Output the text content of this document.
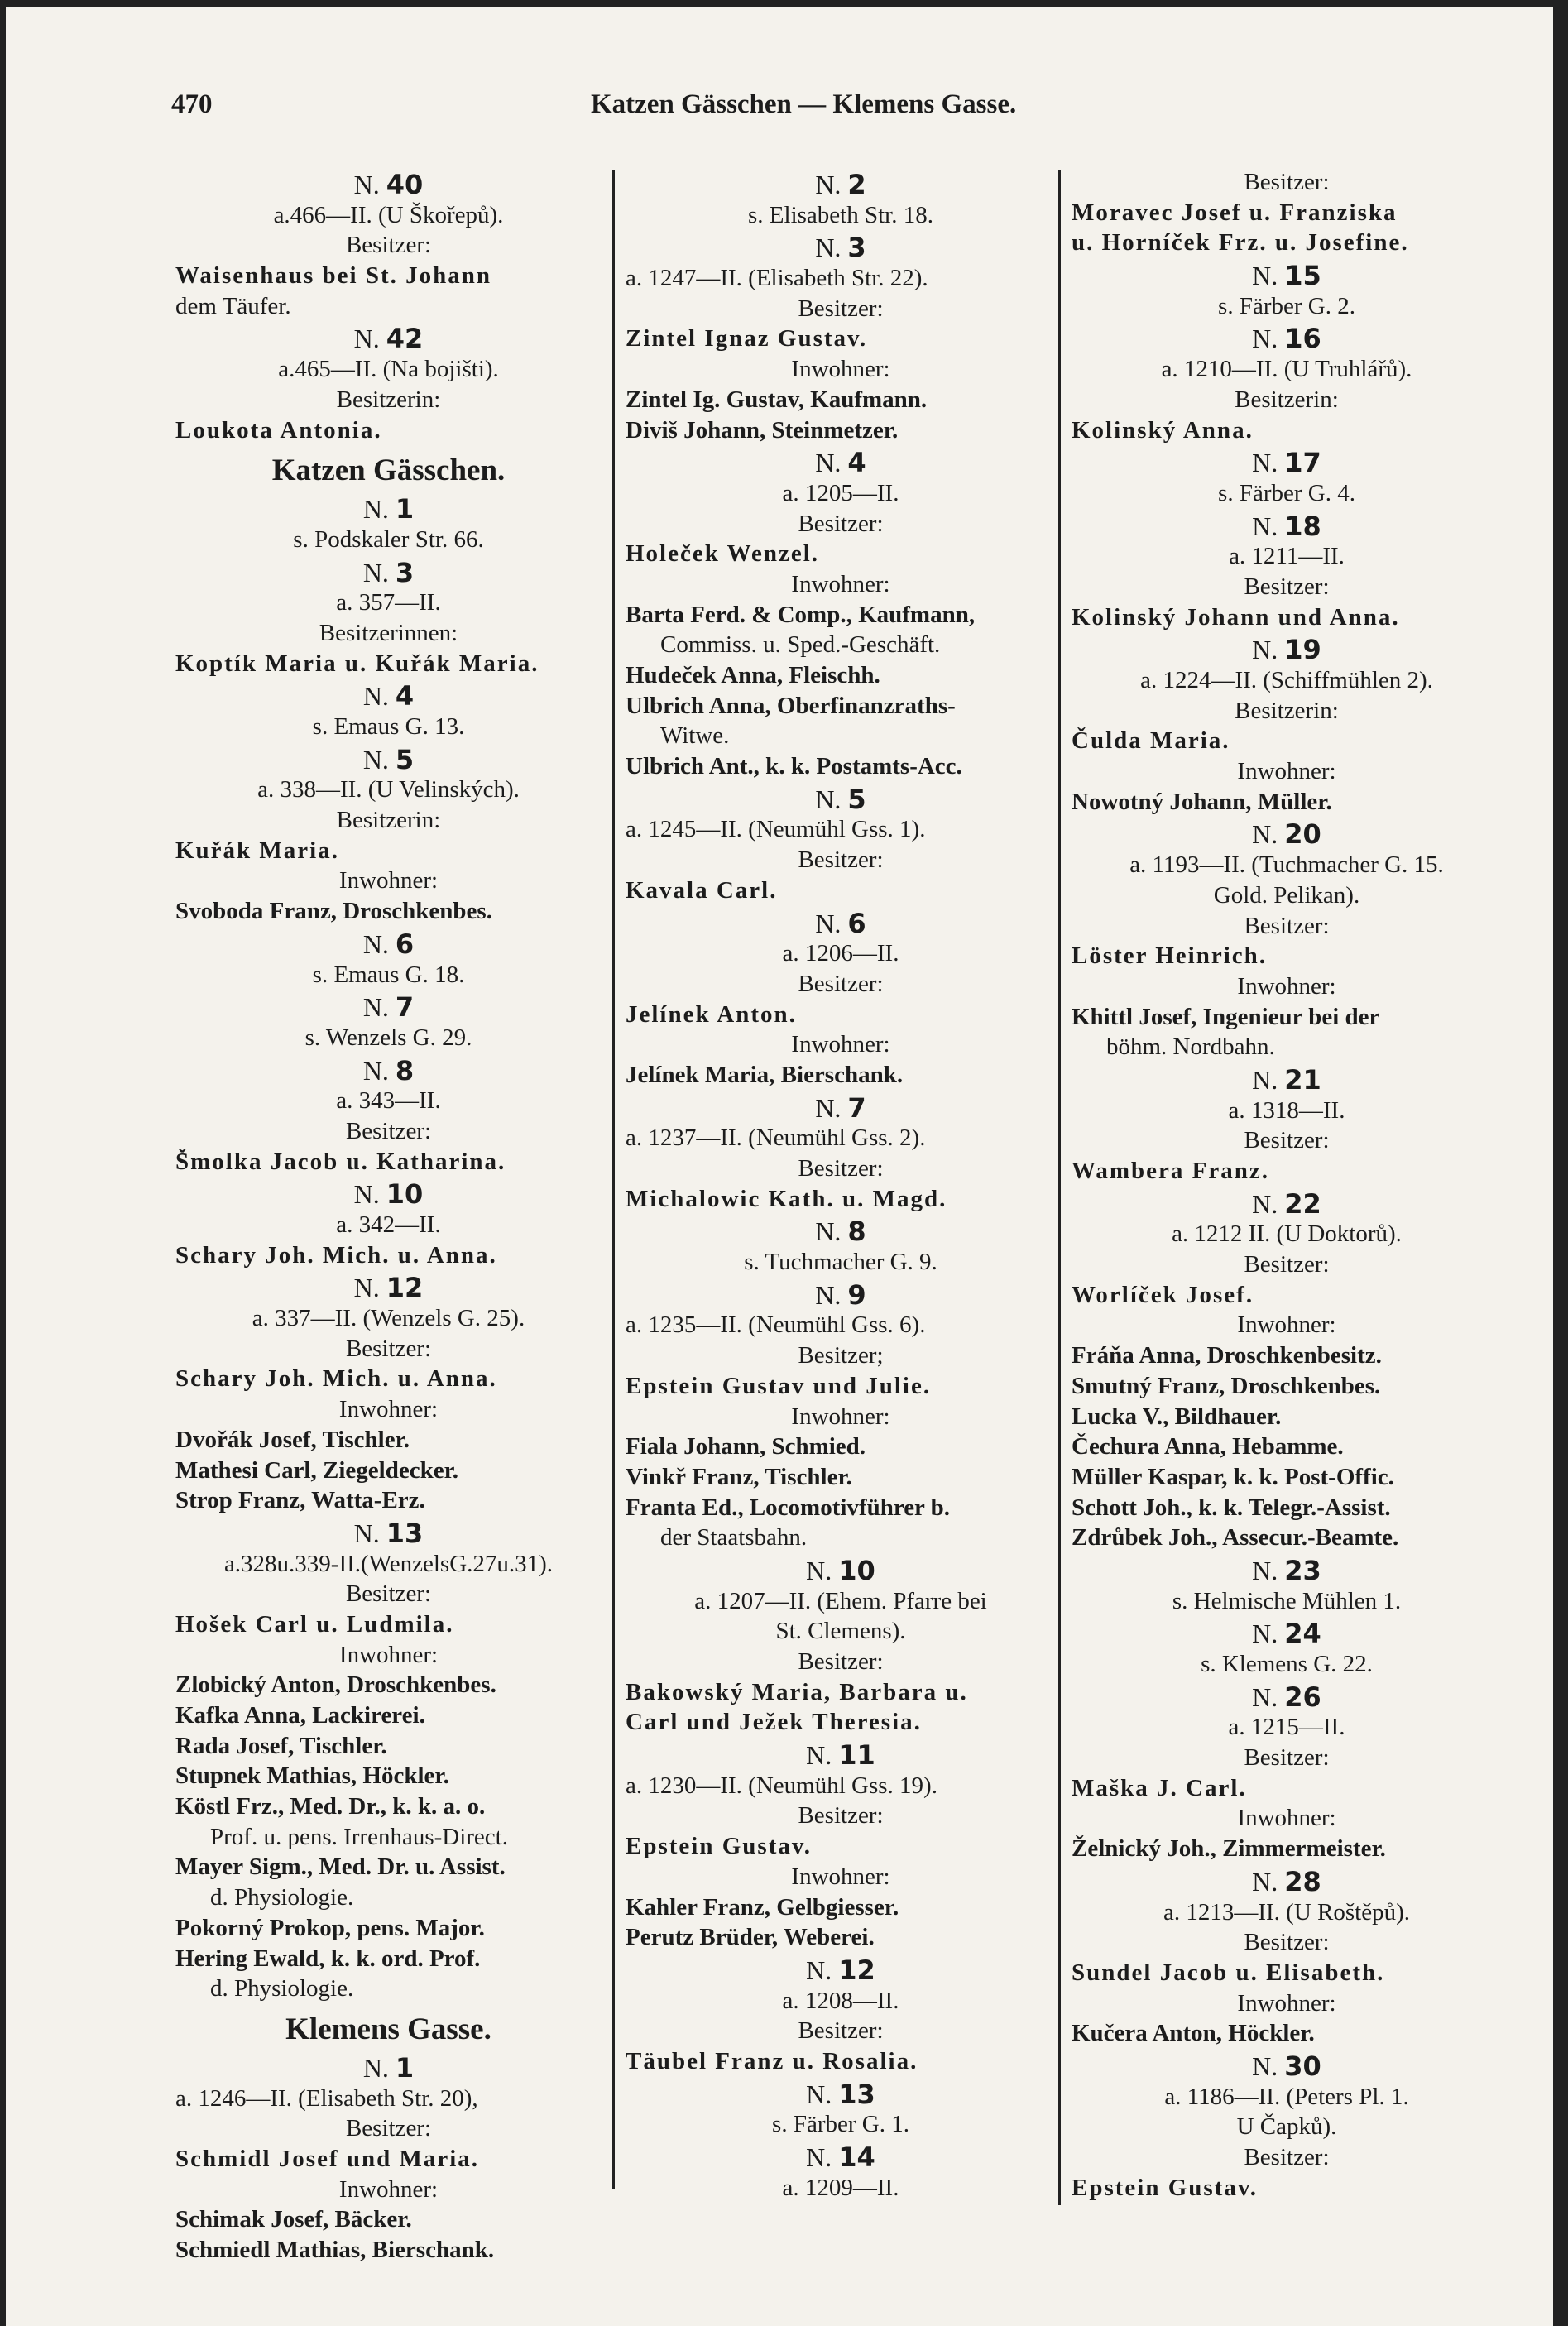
470	Katzen Gässchen — Klemens Gasse.
N. 40
a.466—II. (U Škořepů).
Besitzer:
Waisenhaus bei St. Johann
dem Täufer.
N. 42
a.465—II. (Na bojišti).
Besitzerin:
Loukota Antonia.
Katzen Gässchen.
N. 1
s. Podskaler Str. 66.
N. 3
a. 357—II.
Besitzerinnen:
Koptík Maria u. Kuřák Maria.
N. 4
s. Emaus G. 13.
N. 5
a. 338—II. (U Velinských).
Besitzerin:
Kuřák Maria.
Inwohner:
Svoboda Franz, Droschkenbes.
N. 6
s. Emaus G. 18.
N. 7
s. Wenzels G. 29.
N. 8
a. 343—II.
Besitzer:
Šmolka Jacob u. Katharina.
N. 10
a. 342—II.
Schary Joh. Mich. u. Anna.
N. 12
a. 337—II. (Wenzels G. 25).
Besitzer:
Schary Joh. Mich. u. Anna.
Inwohner:
Dvořák Josef, Tischler.
Mathesi Carl, Ziegeldecker.
Strop Franz, Watta-Erz.
N. 13
a.328u.339-II.(WenzelsG.27u.31).
Besitzer:
Hošek Carl u. Ludmila.
Inwohner:
Zlobický Anton, Droschkenbes.
Kafka Anna, Lackirerei.
Rada Josef, Tischler.
Stupnek Mathias, Höckler.
Köstl Frz., Med. Dr., k. k. a. o.
Prof. u. pens. Irrenhaus-Direct.
Mayer Sigm., Med. Dr. u. Assist.
d. Physiologie.
Pokorný Prokop, pens. Major.
Hering Ewald, k. k. ord. Prof.
d. Physiologie.
Klemens Gasse.
N. 1
a. 1246—II. (Elisabeth Str. 20),
Besitzer:
Schmidl Josef und Maria.
Inwohner:
Schimak Josef, Bäcker.
Schmiedl Mathias, Bierschank.
N. 2
s. Elisabeth Str. 18.
N. 3
a. 1247—II. (Elisabeth Str. 22).
Besitzer:
Zintel Ignaz Gustav.
Inwohner:
Zintel Ig. Gustav, Kaufmann.
Diviš Johann, Steinmetzer.
N. 4
a. 1205—II.
Besitzer:
Holeček Wenzel.
Inwohner:
Barta Ferd. & Comp., Kaufmann,
Commiss. u. Sped.-Geschäft.
Hudeček Anna, Fleischh.
Ulbrich Anna, Oberfinanzraths-
Witwe.
Ulbrich Ant., k. k. Postamts-Acc.
N. 5
a. 1245—II. (Neumühl Gss. 1).
Besitzer:
Kavala Carl.
N. 6
a. 1206—II.
Besitzer:
Jelínek Anton.
Inwohner:
Jelínek Maria, Bierschank.
N. 7
a. 1237—II. (Neumühl Gss. 2).
Besitzer:
Michalowic Kath. u. Magd.
N. 8
s. Tuchmacher G. 9.
N. 9
a. 1235—II. (Neumühl Gss. 6).
Besitzer;
Epstein Gustav und Julie.
Inwohner:
Fiala Johann, Schmied.
Vinkř Franz, Tischler.
Franta Ed., Locomotivführer b.
der Staatsbahn.
N. 10
a. 1207—II. (Ehem. Pfarre bei
St. Clemens).
Besitzer:
Bakowský Maria, Barbara u.
Carl und Ježek Theresia.
N. 11
a. 1230—II. (Neumühl Gss. 19).
Besitzer:
Epstein Gustav.
Inwohner:
Kahler Franz, Gelbgiesser.
Perutz Brüder, Weberei.
N. 12
a. 1208—II.
Besitzer:
Täubel Franz u. Rosalia.
N. 13
s. Färber G. 1.
N. 14
a. 1209—II.
Besitzer:
Moravec Josef u. Franziska
u. Horníček Frz. u. Josefine.
N. 15
s. Färber G. 2.
N. 16
a. 1210—II. (U Truhlářů).
Besitzerin:
Kolinský Anna.
N. 17
s. Färber G. 4.
N. 18
a. 1211—II.
Besitzer:
Kolinský Johann und Anna.
N. 19
a. 1224—II. (Schiffmühlen 2).
Besitzerin:
Čulda Maria.
Inwohner:
Nowotný Johann, Müller.
N. 20
a. 1193—II. (Tuchmacher G. 15.
Gold. Pelikan).
Besitzer:
Löster Heinrich.
Inwohner:
Khittl Josef, Ingenieur bei der
böhm. Nordbahn.
N. 21
a. 1318—II.
Besitzer:
Wambera Franz.
N. 22
a. 1212 II. (U Doktorů).
Besitzer:
Worlíček Josef.
Inwohner:
Fráňa Anna, Droschkenbesitz.
Smutný Franz, Droschkenbes.
Lucka V., Bildhauer.
Čechura Anna, Hebamme.
Müller Kaspar, k. k. Post-Offic.
Schott Joh., k. k. Telegr.-Assist.
Zdrůbek Joh., Assecur.-Beamte.
N. 23
s. Helmische Mühlen 1.
N. 24
s. Klemens G. 22.
N. 26
a. 1215—II.
Besitzer:
Maška J. Carl.
Inwohner:
Želnický Joh., Zimmermeister.
N. 28
a. 1213—II. (U Roštěpů).
Besitzer:
Sundel Jacob u. Elisabeth.
Inwohner:
Kučera Anton, Höckler.
N. 30
a. 1186—II. (Peters Pl. 1.
U Čapků).
Besitzer:
Epstein Gustav.
